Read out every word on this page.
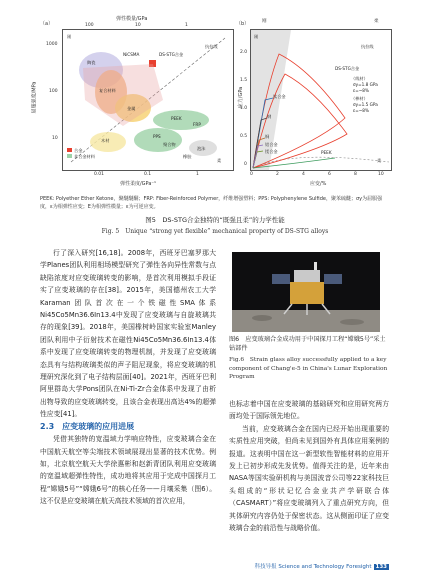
（a）
弹性模量/GPa
100	10	1
1000
100
10
屈服强度/MPa
刚
柔
陶瓷
NiCSMA	DS-STG合金
抗拉线
复合材料
金属
PEEK
FRP
PPS
聚合物
木材
泡沫
橡胶
合金
非合金材料
0.01	0.1	1
弹性柔度/GPa⁻¹
（b）	刚	柔
2.0
1.5
1.0
0.5
0
应力/GPa
刚
柔
抗拉线
DS-STG合金
（线材）
σy=1.8 GPa
ε=~8%
（棒材）
σy=1.5 GPa
ε=~8%
钛合金
钢
铜
铝合金
镁合金	PEEK
0	2	4	6	8	10
应变/%
PEEK: Polyether Ether Ketone，聚醚醚酮；FRP: Fiber-Reinforced Polymer，纤维增强塑料；PPS: Polyphenylene Sulfide，聚苯硫醚；σy为屈服强度，ε为相弹性应变；E为相弹性模量；ε为可逆应变。
图5　DS-STG合金独特的“既强且柔”的力学性能
Fig. 5　Unique “strong yet flexible” mechanical property of DS-STG alloys

行了深入研究[16,18]。2008年，西班牙巴塞罗那大学Planes团队利用相场模型研究了弹性各向异性常数与点缺陷浓度对应变玻璃转变的影响，是首次利用模拟手段证实了应变玻璃的存在[38]。2015年，美国德州农工大学Karaman团队首次在一个铁磁性SMA体系Ni45Co5Mn36.6In13.4中发现了应变玻璃与自旋玻璃共存的现象[39]。2018年，美国橡树岭国家实验室Manley团队利用中子衍射技术在磁性Ni45Co5Mn36.6In13.4体系中发现了应变玻璃转变的物理机制，并发现了应变玻璃态具有与结构玻璃类似的声子阻尼现象，将应变玻璃的机理研究深化到了电子结构层面[40]。2021年，西班牙巴利阿里群岛大学Pons团队在Ni-Ti-Zr合金体系中发现了由析出物导致的应变玻璃转变，且该合金表现出高达4%的超弹性应变[41]。

2.3　应变玻璃的应用进展

凭借其独特的宽温域力学响应特性，应变玻璃合金在中国航天航空等尖端技术领域展现出显著的技术优势。例如，北京航空航天大学徐惠彬和赵新青团队利用应变玻璃的宽温域超弹性特性，成功地将其应用于完成中国探月工程“嫦娥5号”“嫦娥6号”的核心任务——月壤采集（图6）。这不仅是应变玻璃在航天高技术领域的首次应用，

图6　应变玻璃合金成功用于中国探月工程“嫦娥5号”采土钻部件
Fig.6　Strain glass alloy successfully applied to a key component of Chang'e-5 in China's Lunar Exploration Program

也标志着中国在应变玻璃的基础研究和应用研究两方面均处于国际领先地位。

当前，应变玻璃合金在国内已经开始出现重要的实质性应用突破，但尚未见到国外有具体应用案例的报道。这表明中国在这一新型软性智能材料的应用开发上已初步形成先发优势。值得关注的是，近年来由NASA等国实验研机构与美国波音公司等22家科技巨头组成的“形状记忆合金业共产学研联合体（CASMART）”将应变玻璃列入了重点研究方向，但其体研究内容仍处于保密状态。这从侧面印证了应变玻璃合金的前沿性与战略价值。

科技导报 Science and Technology Foresight 133
